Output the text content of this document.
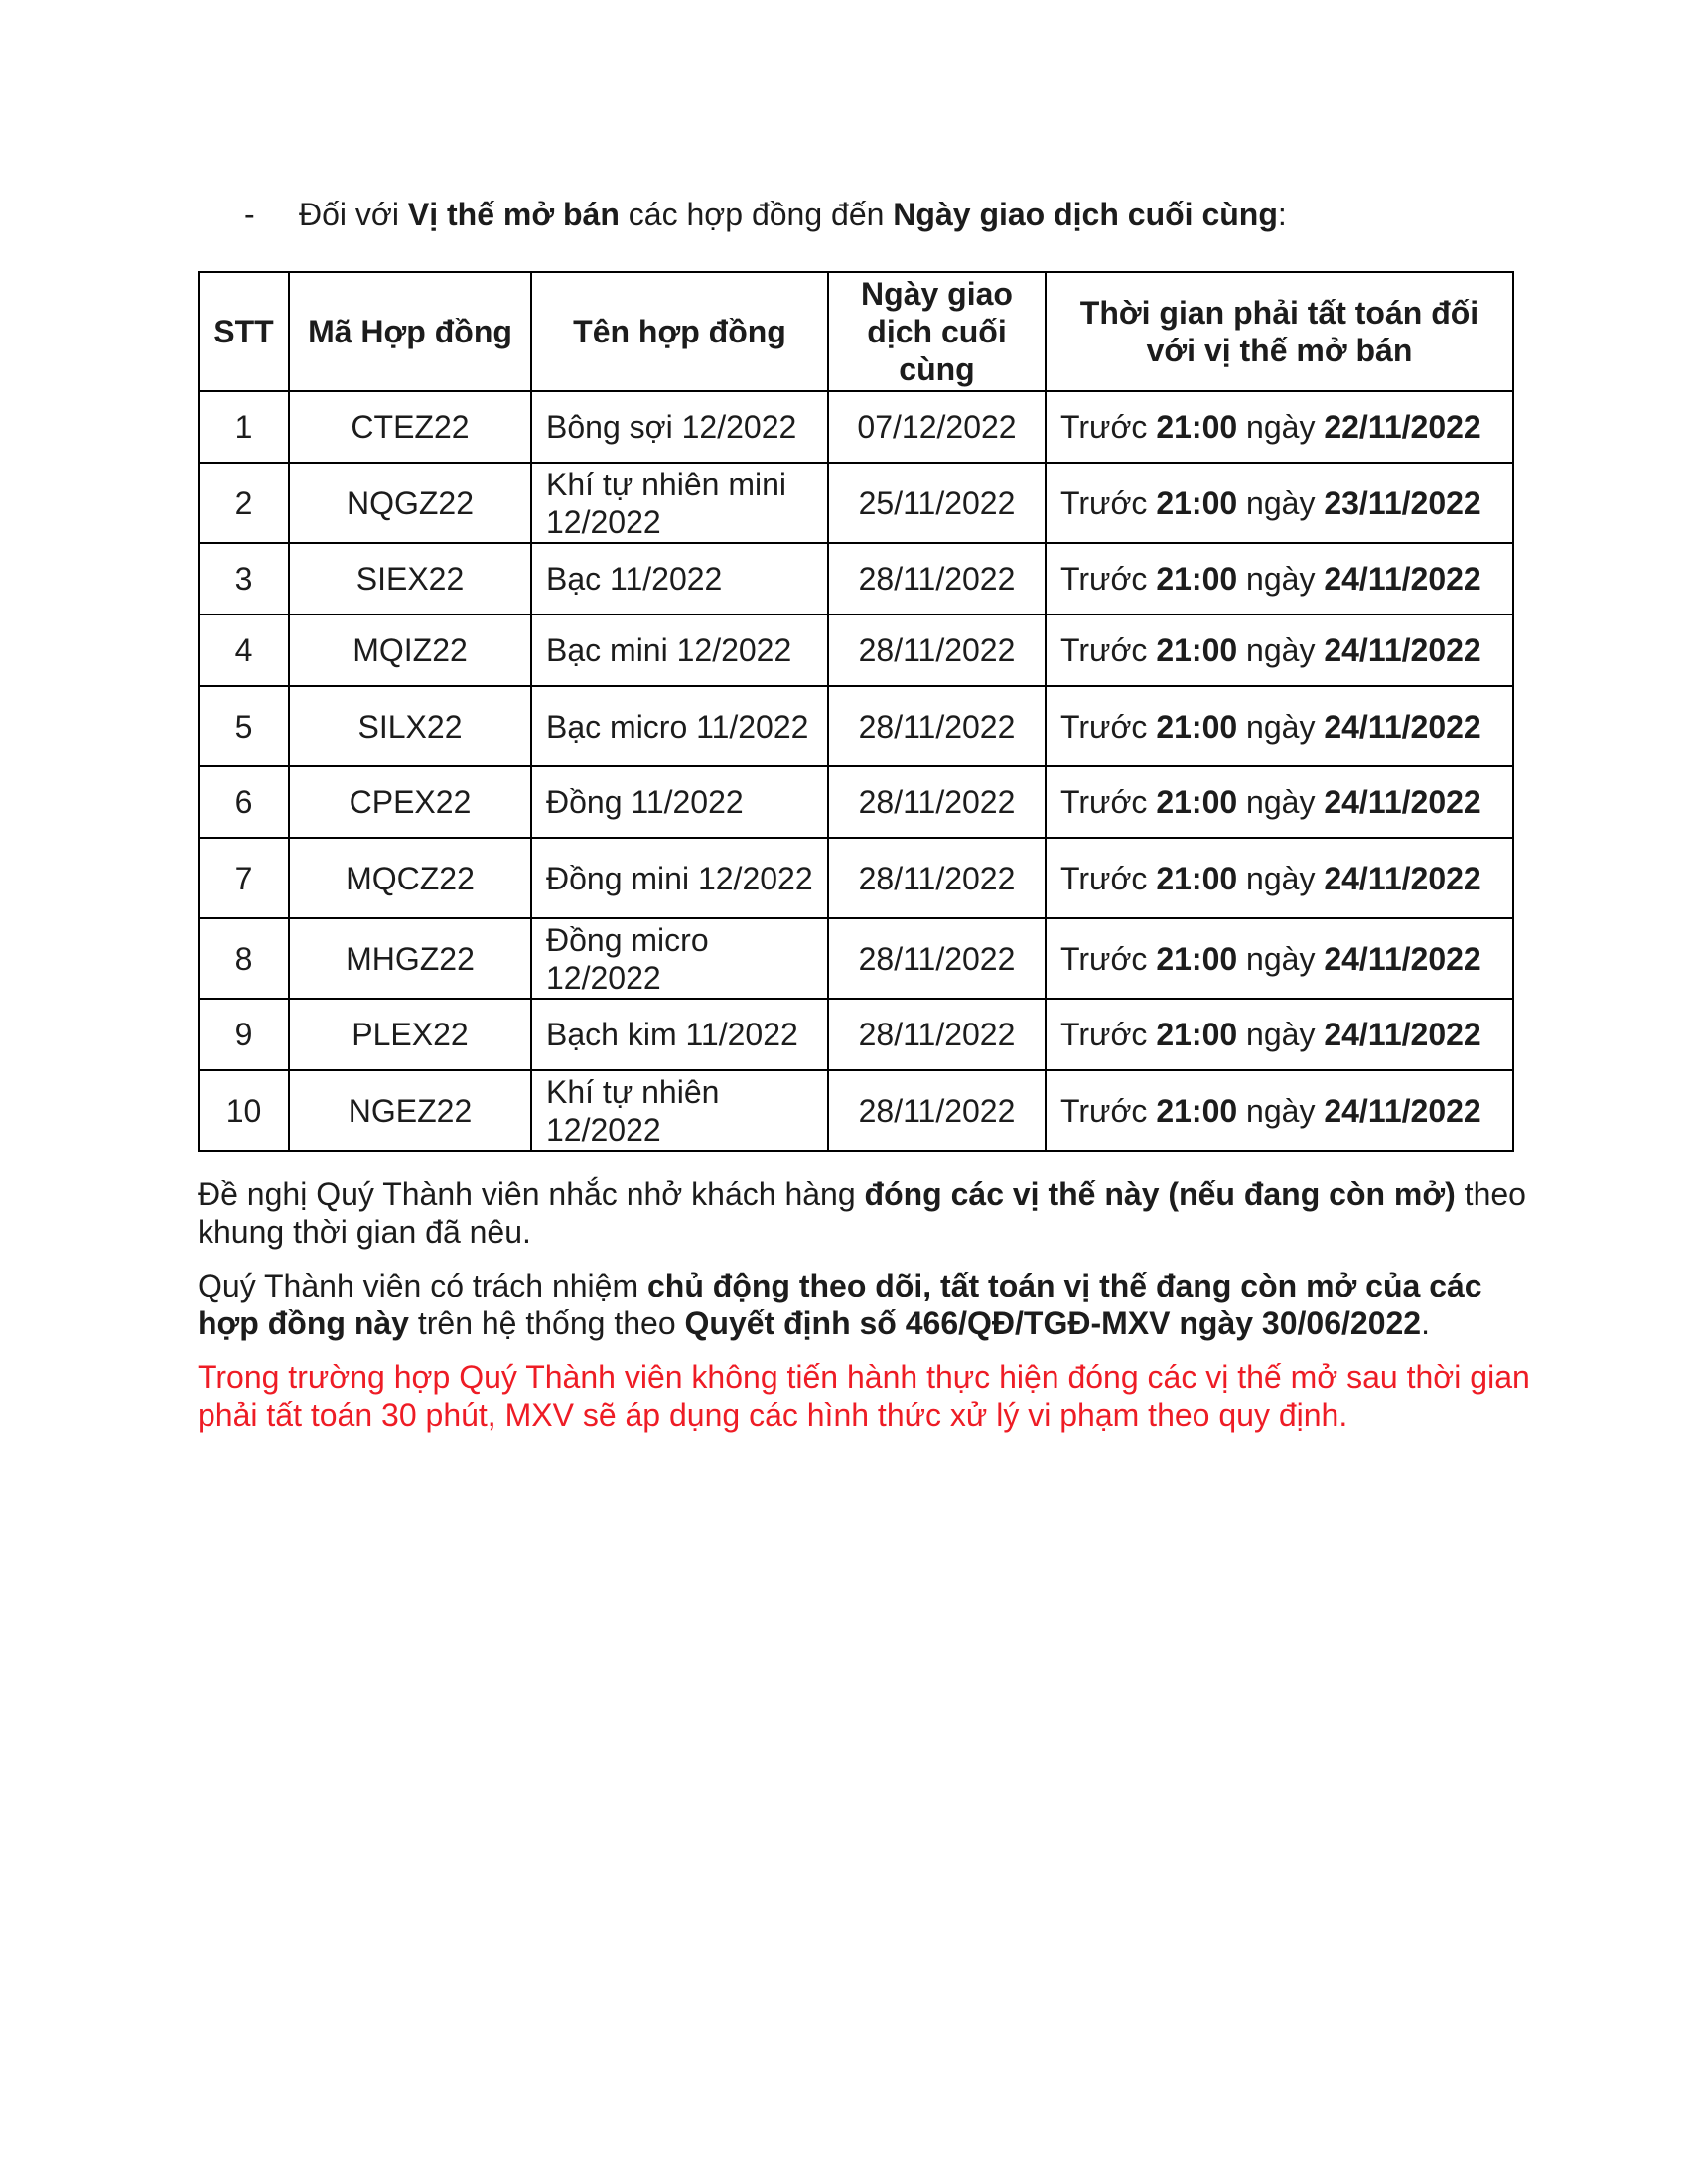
- Đối với Vị thế mở bán các hợp đồng đến Ngày giao dịch cuối cùng:
STT	Mã Hợp đồng	Tên hợp đồng	Ngày giao dịch cuối cùng	Thời gian phải tất toán đối với vị thế mở bán
1	CTEZ22	Bông sợi 12/2022	07/12/2022	Trước 21:00 ngày 22/11/2022
2	NQGZ22	Khí tự nhiên mini 12/2022	25/11/2022	Trước 21:00 ngày 23/11/2022
3	SIEX22	Bạc 11/2022	28/11/2022	Trước 21:00 ngày 24/11/2022
4	MQIZ22	Bạc mini 12/2022	28/11/2022	Trước 21:00 ngày 24/11/2022
5	SILX22	Bạc micro 11/2022	28/11/2022	Trước 21:00 ngày 24/11/2022
6	CPEX22	Đồng 11/2022	28/11/2022	Trước 21:00 ngày 24/11/2022
7	MQCZ22	Đồng mini 12/2022	28/11/2022	Trước 21:00 ngày 24/11/2022
8	MHGZ22	Đồng micro 12/2022	28/11/2022	Trước 21:00 ngày 24/11/2022
9	PLEX22	Bạch kim 11/2022	28/11/2022	Trước 21:00 ngày 24/11/2022
10	NGEZ22	Khí tự nhiên 12/2022	28/11/2022	Trước 21:00 ngày 24/11/2022
Đề nghị Quý Thành viên nhắc nhở khách hàng đóng các vị thế này (nếu đang còn mở) theo khung thời gian đã nêu.
Quý Thành viên có trách nhiệm chủ động theo dõi, tất toán vị thế đang còn mở của các hợp đồng này trên hệ thống theo Quyết định số 466/QĐ/TGĐ-MXV ngày 30/06/2022.
Trong trường hợp Quý Thành viên không tiến hành thực hiện đóng các vị thế mở sau thời gian phải tất toán 30 phút, MXV sẽ áp dụng các hình thức xử lý vi phạm theo quy định.
